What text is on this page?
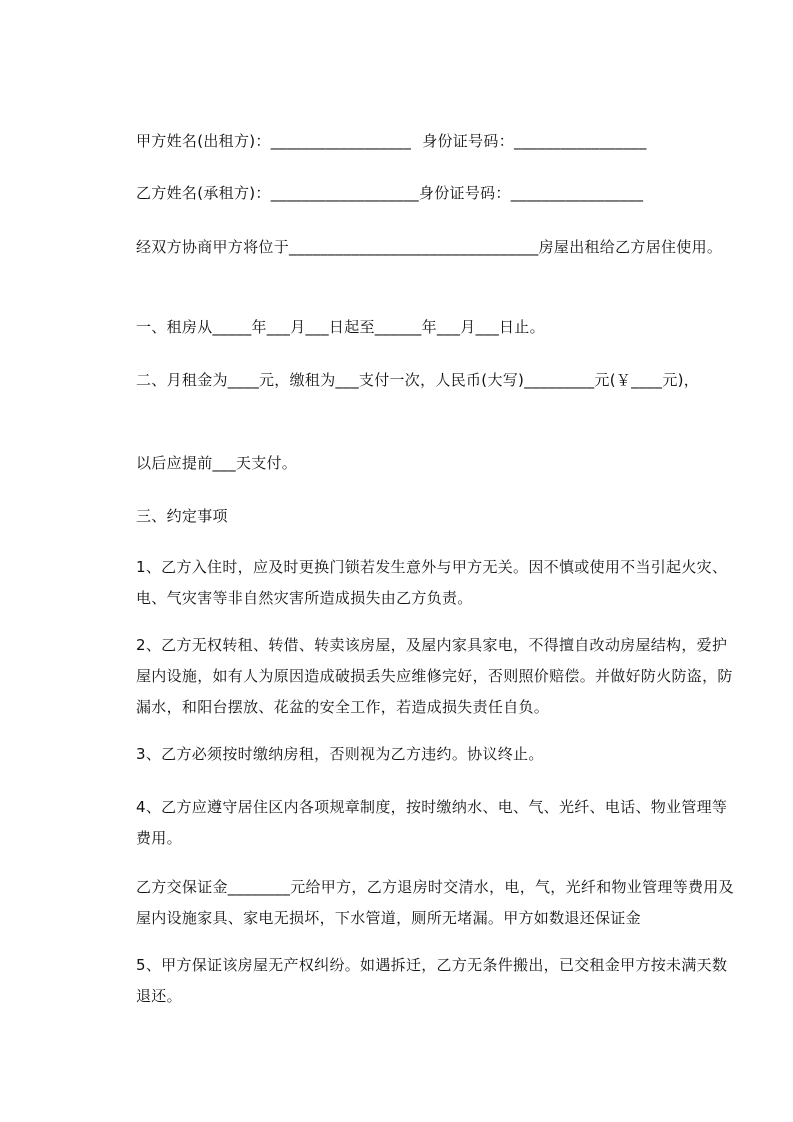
甲方姓名(出租方)：__________________ 身份证号码：_________________
乙方姓名(承租方)：___________________身份证号码：_________________
经双方协商甲方将位于________________________________房屋出租给乙方居住使用。
一、租房从_____年___月___日起至______年___月___日止。
二、月租金为____元，缴租为___支付一次，人民币(大写)_________元(￥____元)，
以后应提前___天支付。
三、约定事项
1、乙方入住时，应及时更换门锁若发生意外与甲方无关。因不慎或使用不当引起火灾、电、气灾害等非自然灾害所造成损失由乙方负责。
2、乙方无权转租、转借、转卖该房屋，及屋内家具家电，不得擅自改动房屋结构，爱护屋内设施，如有人为原因造成破损丢失应维修完好，否则照价赔偿。并做好防火防盗，防漏水，和阳台摆放、花盆的安全工作，若造成损失责任自负。
3、乙方必须按时缴纳房租，否则视为乙方违约。协议终止。
4、乙方应遵守居住区内各项规章制度，按时缴纳水、电、气、光纤、电话、物业管理等费用。
乙方交保证金________元给甲方，乙方退房时交清水，电，气，光纤和物业管理等费用及屋内设施家具、家电无损坏，下水管道，厕所无堵漏。甲方如数退还保证金
5、甲方保证该房屋无产权纠纷。如遇拆迁，乙方无条件搬出，已交租金甲方按未满天数退还。
